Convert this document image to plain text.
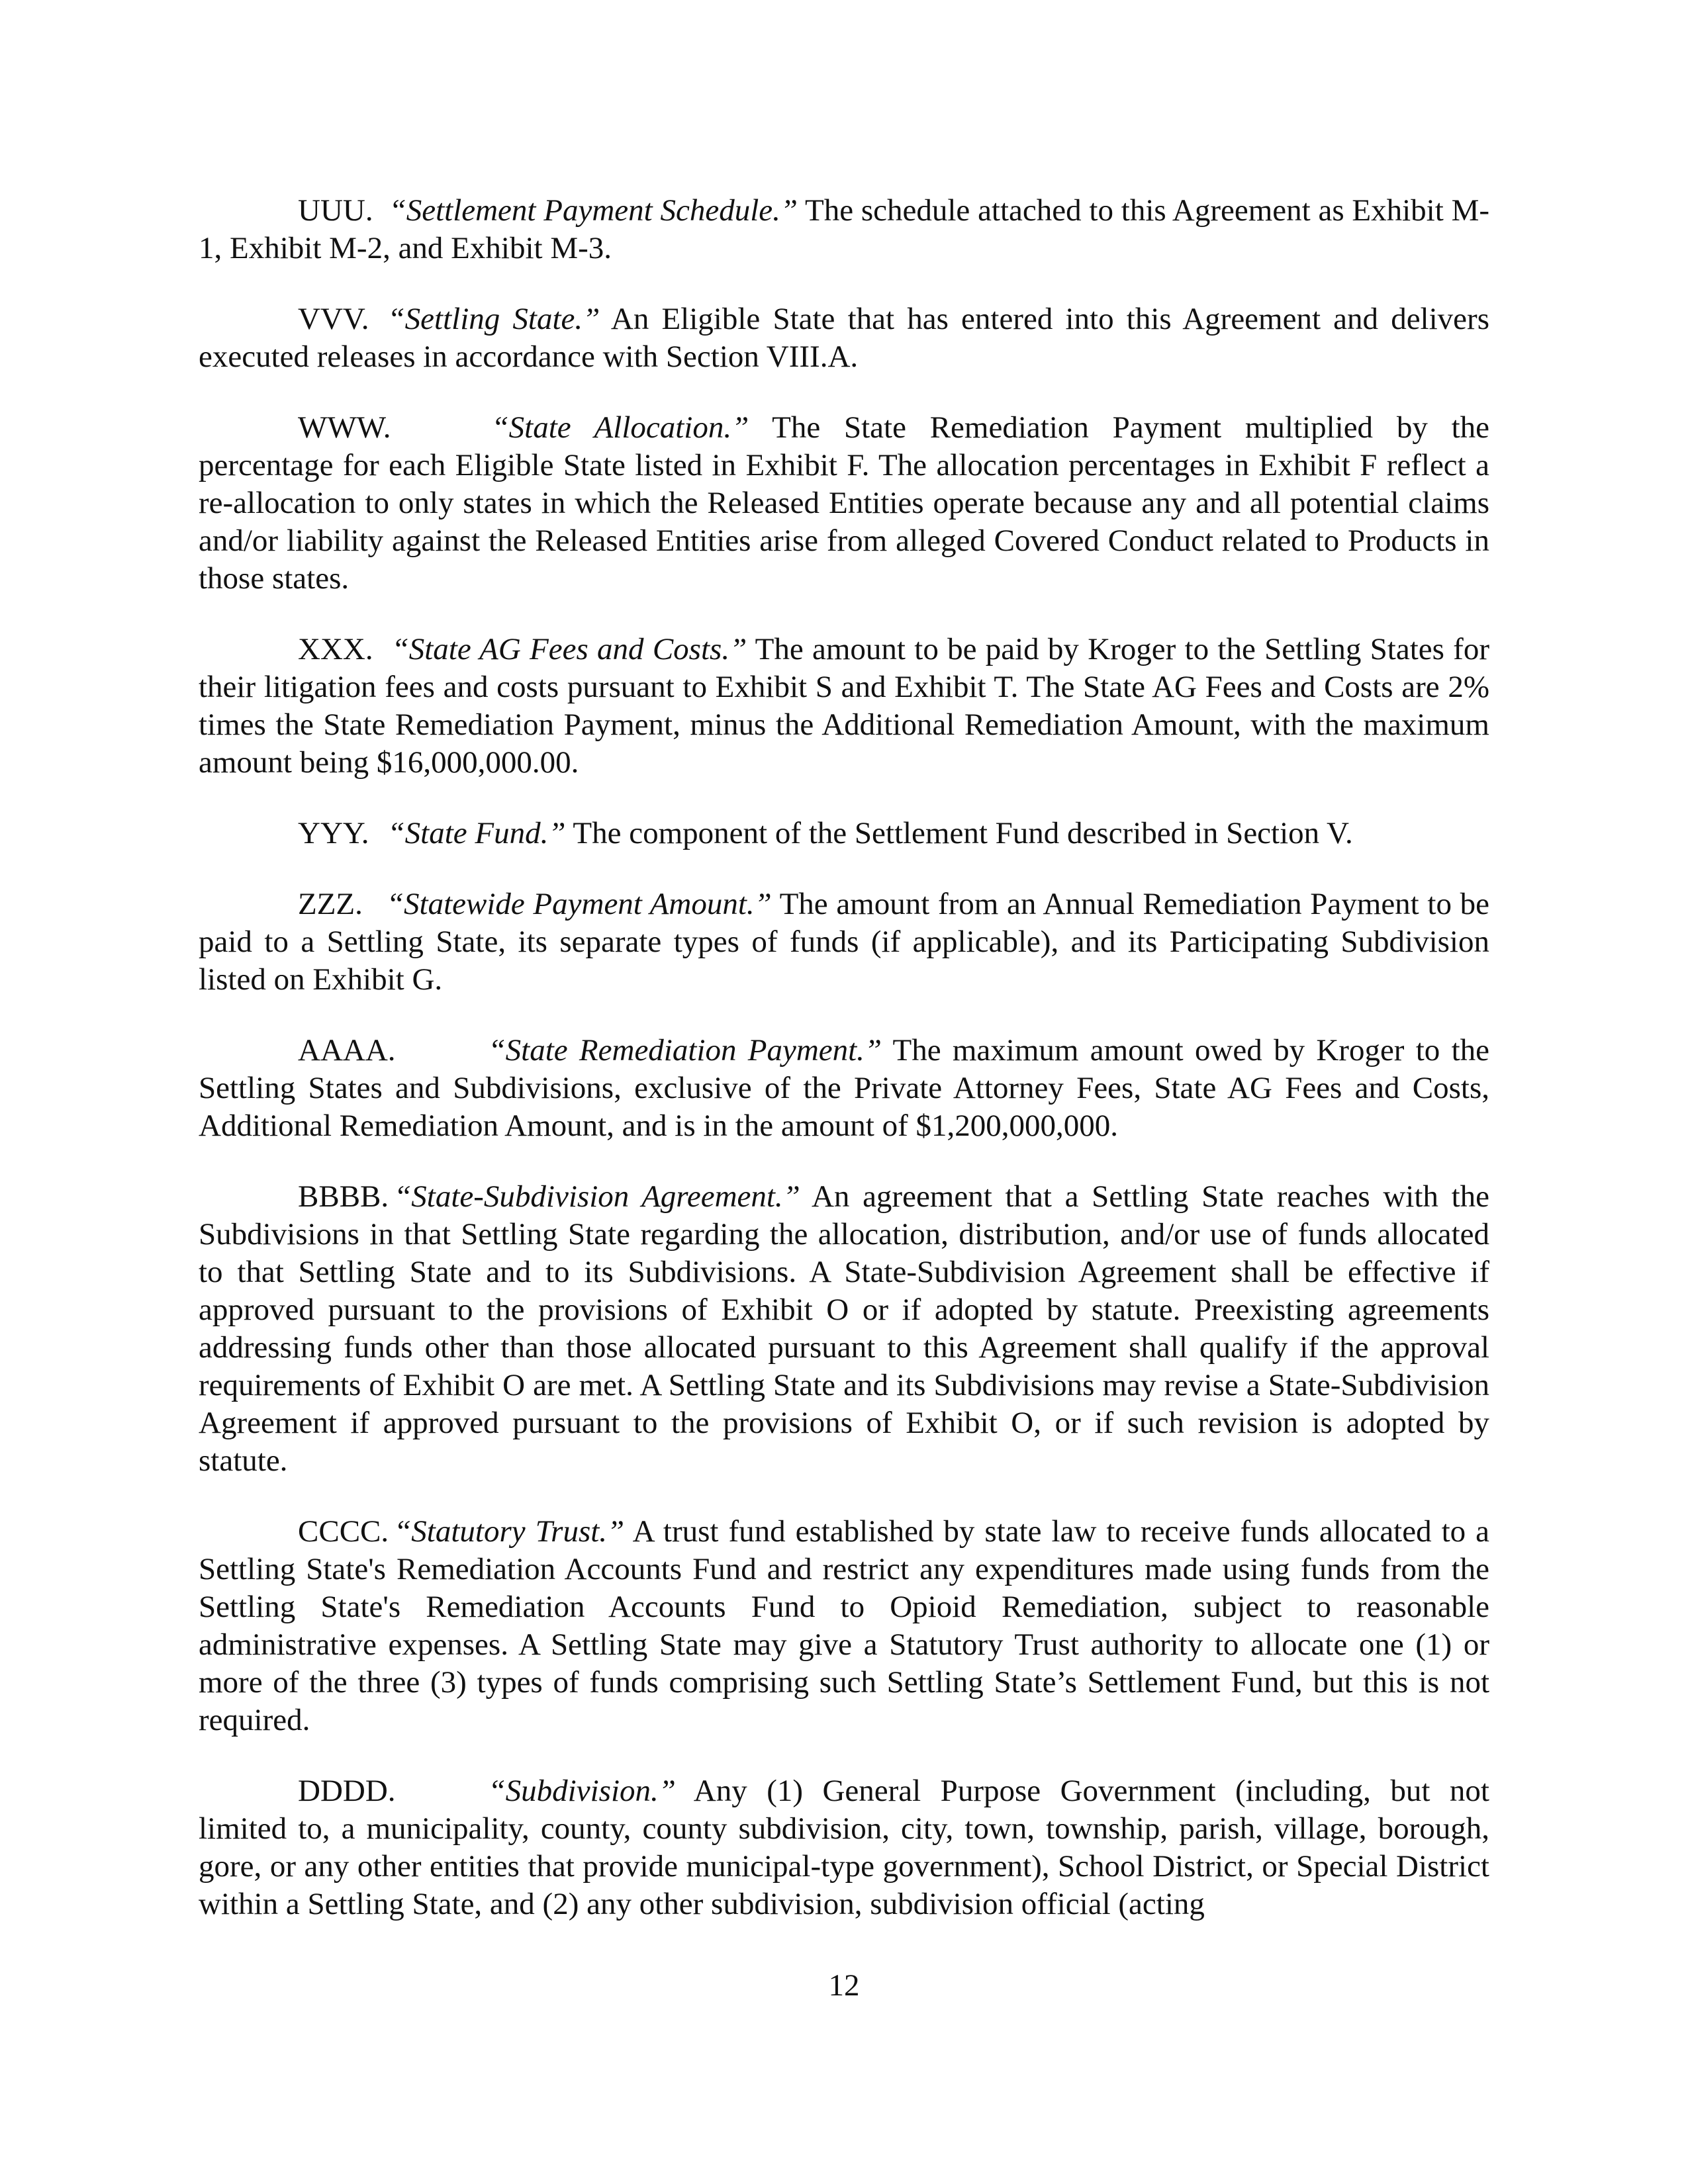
UUU. “Settlement Payment Schedule.” The schedule attached to this Agreement as Exhibit M-1, Exhibit M-2, and Exhibit M-3.

VVV. “Settling State.” An Eligible State that has entered into this Agreement and delivers executed releases in accordance with Section VIII.A.

WWW.	“State Allocation.” The State Remediation Payment multiplied by the percentage for each Eligible State listed in Exhibit F. The allocation percentages in Exhibit F reflect a re-allocation to only states in which the Released Entities operate because any and all potential claims and/or liability against the Released Entities arise from alleged Covered Conduct related to Products in those states.

XXX. “State AG Fees and Costs.” The amount to be paid by Kroger to the Settling States for their litigation fees and costs pursuant to Exhibit S and Exhibit T. The State AG Fees and Costs are 2% times the State Remediation Payment, minus the Additional Remediation Amount, with the maximum amount being $16,000,000.00.

YYY. “State Fund.” The component of the Settlement Fund described in Section V.

ZZZ. “Statewide Payment Amount.” The amount from an Annual Remediation Payment to be paid to a Settling State, its separate types of funds (if applicable), and its Participating Subdivision listed on Exhibit G.

AAAA.	“State Remediation Payment.” The maximum amount owed by Kroger to the Settling States and Subdivisions, exclusive of the Private Attorney Fees, State AG Fees and Costs, Additional Remediation Amount, and is in the amount of $1,200,000,000.

BBBB. “State-Subdivision Agreement.” An agreement that a Settling State reaches with the Subdivisions in that Settling State regarding the allocation, distribution, and/or use of funds allocated to that Settling State and to its Subdivisions. A State-Subdivision Agreement shall be effective if approved pursuant to the provisions of Exhibit O or if adopted by statute. Preexisting agreements addressing funds other than those allocated pursuant to this Agreement shall qualify if the approval requirements of Exhibit O are met. A Settling State and its Subdivisions may revise a State-Subdivision Agreement if approved pursuant to the provisions of Exhibit O, or if such revision is adopted by statute.

CCCC. “Statutory Trust.” A trust fund established by state law to receive funds allocated to a Settling State's Remediation Accounts Fund and restrict any expenditures made using funds from the Settling State's Remediation Accounts Fund to Opioid Remediation, subject to reasonable administrative expenses. A Settling State may give a Statutory Trust authority to allocate one (1) or more of the three (3) types of funds comprising such Settling State’s Settlement Fund, but this is not required.

DDDD.	“Subdivision.” Any (1) General Purpose Government (including, but not limited to, a municipality, county, county subdivision, city, town, township, parish, village, borough, gore, or any other entities that provide municipal-type government), School District, or Special District within a Settling State, and (2) any other subdivision, subdivision official (acting

12
